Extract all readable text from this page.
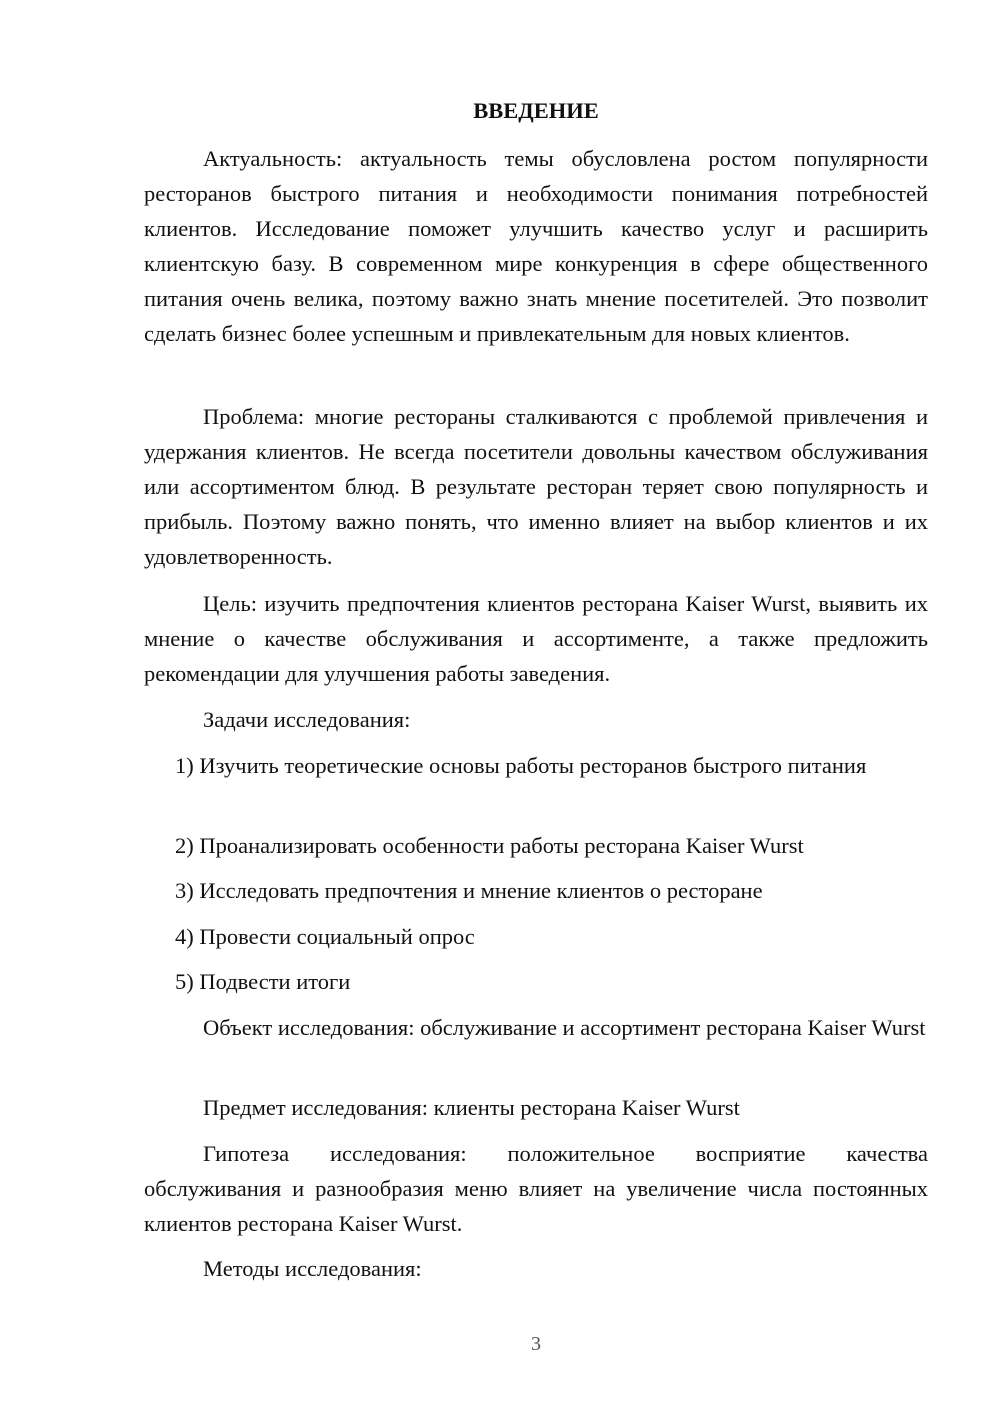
ВВЕДЕНИЕ

Актуальность: актуальность темы обусловлена ростом популярности ресторанов быстрого питания и необходимости понимания потребностей клиентов. Исследование поможет улучшить качество услуг и расширить клиентскую базу. В современном мире конкуренция в сфере общественного питания очень велика, поэтому важно знать мнение посетителей. Это позволит сделать бизнес более успешным и привлекательным для новых клиентов.

Проблема: многие рестораны сталкиваются с проблемой привлечения и удержания клиентов. Не всегда посетители довольны качеством обслуживания или ассортиментом блюд. В результате ресторан теряет свою популярность и прибыль. Поэтому важно понять, что именно влияет на выбор клиентов и их удовлетворенность.

Цель: изучить предпочтения клиентов ресторана Kaiser Wurst, выявить их мнение о качестве обслуживания и ассортименте, а также предложить рекомендации для улучшения работы заведения.

Задачи исследования:

1) Изучить теоретические основы работы ресторанов быстрого питания

2) Проанализировать особенности работы ресторана Kaiser Wurst

3) Исследовать предпочтения и мнение клиентов о ресторане

4) Провести социальный опрос

5) Подвести итоги

Объект исследования: обслуживание и ассортимент ресторана Kaiser Wurst

Предмет исследования: клиенты ресторана Kaiser Wurst

Гипотеза исследования: положительное восприятие качества обслуживания и разнообразия меню влияет на увеличение числа постоянных клиентов ресторана Kaiser Wurst.

Методы исследования:

3
